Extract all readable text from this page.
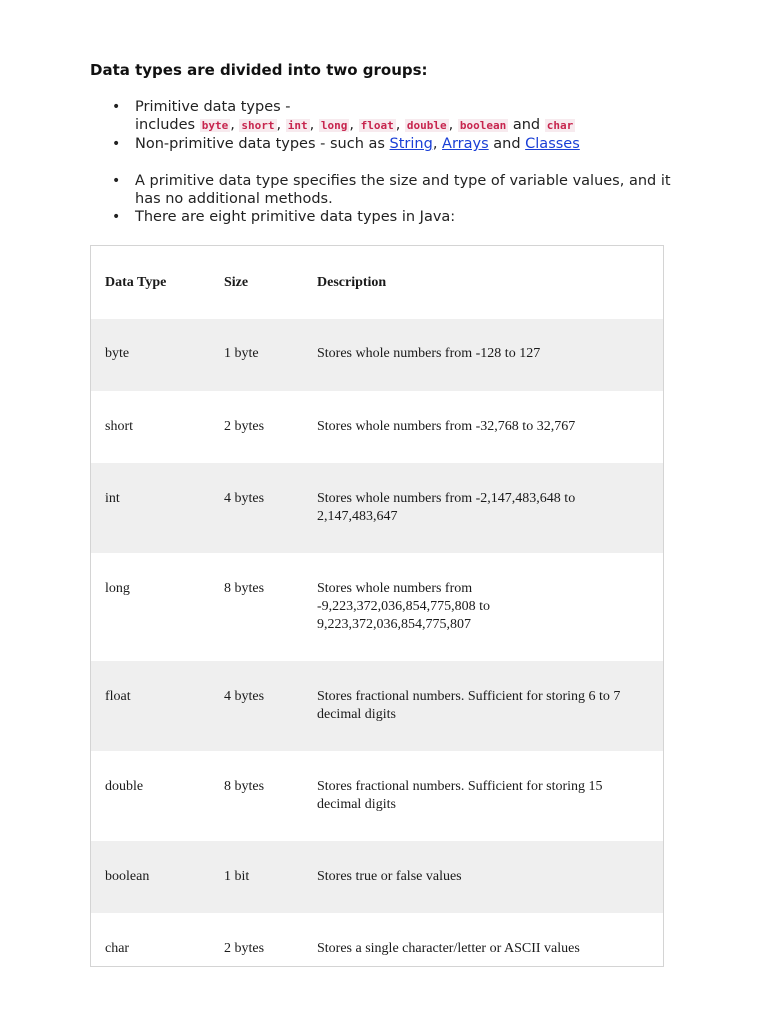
Data types are divided into two groups:
• Primitive data types -
includes byte , short , int , long , float , double , boolean and char
• Non-primitive data types - such as String, Arrays and Classes
• A primitive data type specifies the size and type of variable values, and it has no additional methods.
• There are eight primitive data types in Java:
Data Type	Size	Description
byte	1 byte	Stores whole numbers from -128 to 127
short	2 bytes	Stores whole numbers from -32,768 to 32,767
int	4 bytes	Stores whole numbers from -2,147,483,648 to
2,147,483,647
long	8 bytes	Stores whole numbers from
-9,223,372,036,854,775,808 to
9,223,372,036,854,775,807
float	4 bytes	Stores fractional numbers. Sufficient for storing 6 to 7
decimal digits
double	8 bytes	Stores fractional numbers. Sufficient for storing 15
decimal digits
boolean	1 bit	Stores true or false values
char	2 bytes	Stores a single character/letter or ASCII values
